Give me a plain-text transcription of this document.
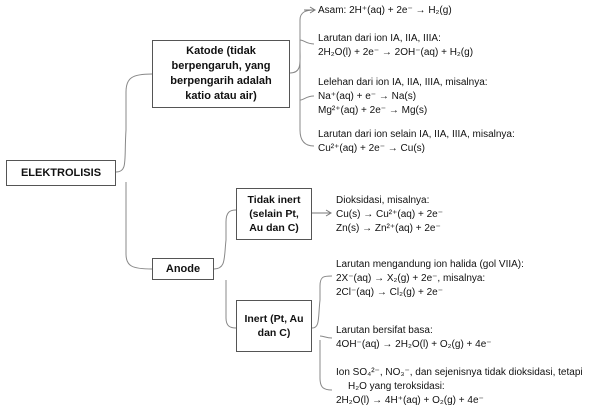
ELEKTROLISIS
Katode (tidak berpengaruh, yang berpengarih adalah katio atau air)
Anode
Tidak inert (selain Pt, Au dan C)
Inert (Pt, Au dan C)
Asam: 2H⁺(aq) + 2e⁻ → H₂(g)
Larutan dari ion IA, IIA, IIIA:
2H₂O(l) + 2e⁻ → 2OH⁻(aq) + H₂(g)
Lelehan dari ion IA, IIA, IIIA, misalnya:
Na⁺(aq) + e⁻ → Na(s)
Mg²⁺(aq) + 2e⁻ → Mg(s)
Larutan dari ion selain IA, IIA, IIIA, misalnya:
Cu²⁺(aq) + 2e⁻ → Cu(s)
Dioksidasi, misalnya:
Cu(s) → Cu²⁺(aq) + 2e⁻
Zn(s) → Zn²⁺(aq) + 2e⁻
Larutan mengandung ion halida (gol VIIA):
2X⁻(aq) → X₂(g) + 2e⁻, misalnya:
2Cl⁻(aq) → Cl₂(g) + 2e⁻
Larutan bersifat basa:
4OH⁻(aq) → 2H₂O(l) + O₂(g) + 4e⁻
Ion SO₄²⁻, NO₃⁻, dan sejenisnya tidak dioksidasi, tetapi
H₂O yang teroksidasi:
2H₂O(l) → 4H⁺(aq) + O₂(g) + 4e⁻
